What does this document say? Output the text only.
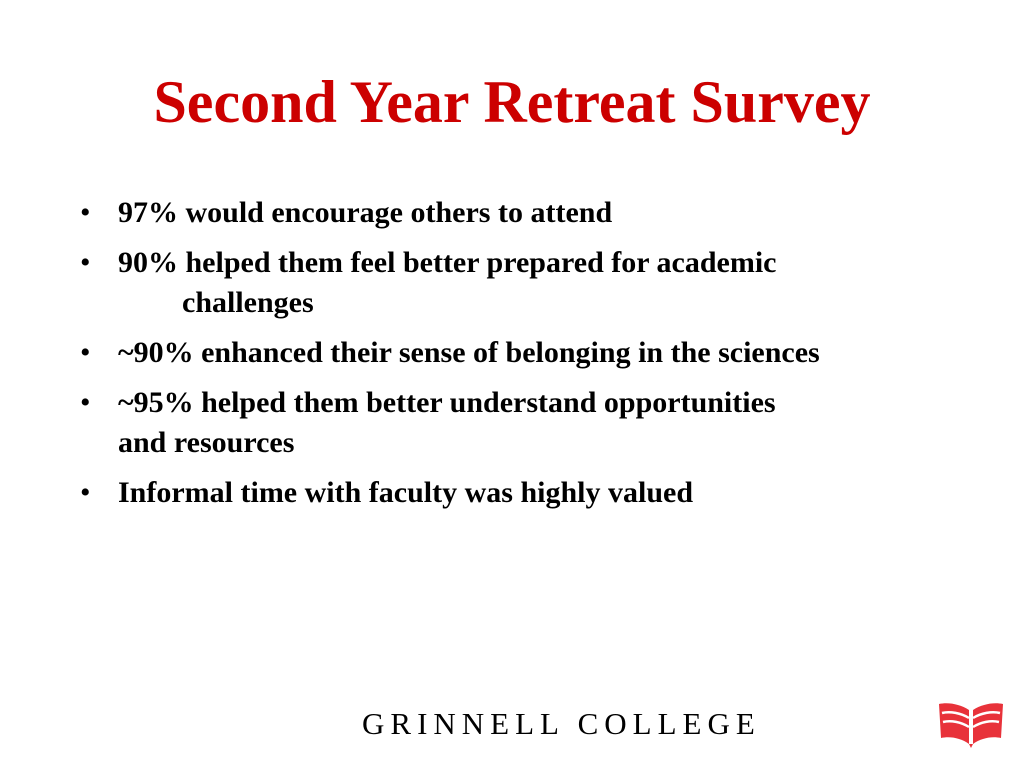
Second Year Retreat Survey
• 97% would encourage others to attend
• 90% helped them feel better prepared for academic
challenges
• ~90% enhanced their sense of belonging in the sciences
• ~95% helped them better understand opportunities
and resources
• Informal time with faculty was highly valued
GRINNELL COLLEGE
